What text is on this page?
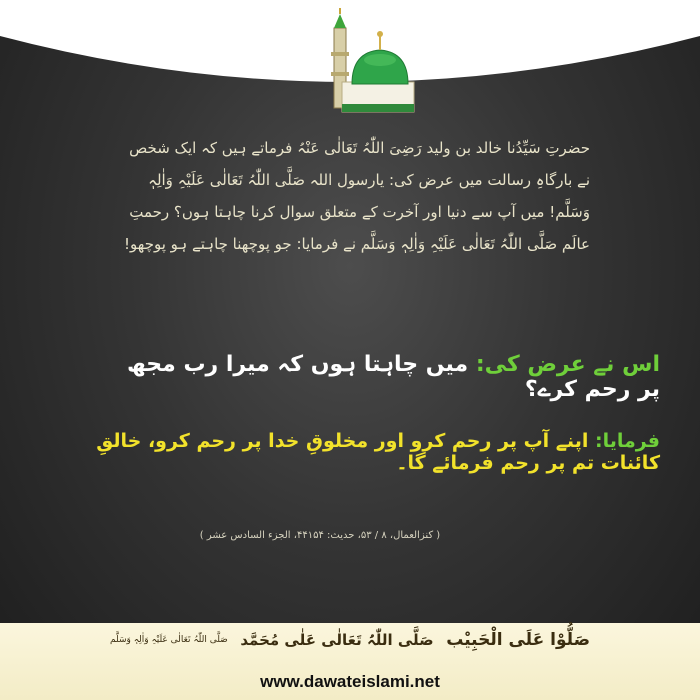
حضرتِ سَیِّدُنا خالد بن ولید رَضِیَ اللّٰہُ تَعَالٰی عَنْہُ فرماتے ہیں کہ ایک شخص نے بارگاہِ رسالت میں عرض کی: یارسول اللہ صَلَّی اللّٰہُ تَعَالٰی عَلَیْہِ وَاٰلِہٖ وَسَلَّم! میں آپ سے دنیا اور آخرت کے متعلق سوال کرنا چاہتا ہوں؟ رحمتِ عالَم صَلَّی اللّٰہُ تَعَالٰی عَلَیْہِ وَاٰلِہٖ وَسَلَّم نے فرمایا: جو پوچھنا چاہتے ہو پوچھو!
اس نے عرض کی: میں چاہتا ہوں کہ میرا رب مجھ پر رحم کرے؟
فرمایا: اپنے آپ پر رحم کرو اور مخلوقِ خدا پر رحم کرو، خالقِ کائنات تم پر رحم فرمائے گا۔
( کنزالعمال، ۸ / ۵۳، حدیث: ۴۴۱۵۴، الجزء السادس عشر )
صَلُّوْا عَلَی الْحَبِیْب
صَلَّی اللّٰہُ تَعَالٰی عَلٰی مُحَمَّد
صَلَّی اللّٰہُ تَعَالٰی عَلَیْہِ وَاٰلِہٖ وَسَلَّم
www.dawateislami.net
